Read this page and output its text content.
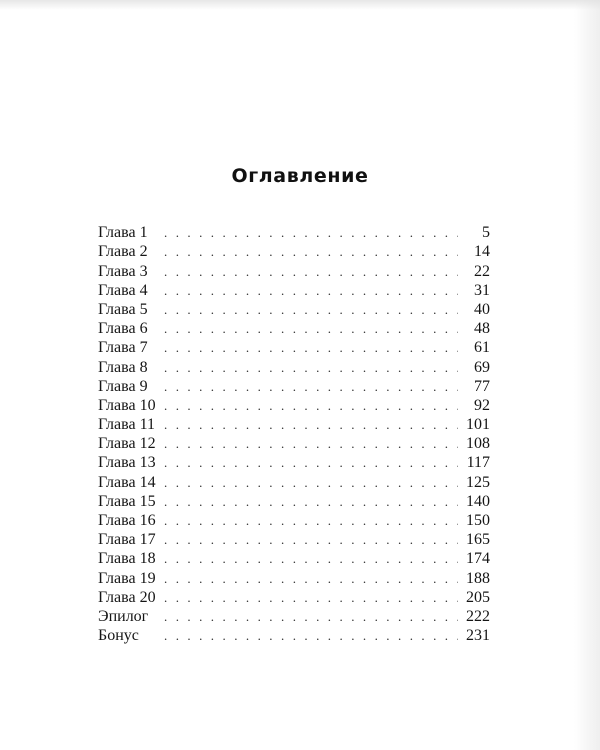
Оглавление
Глава 1 . . .	5
Глава 2 . . .	14
Глава 3 . . .	22
Глава 4 . . .	31
Глава 5 . . .	40
Глава 6 . . .	48
Глава 7 . . .	61
Глава 8 . . .	69
Глава 9 . . .	77
Глава 10 . . .	92
Глава 11 . . .	101
Глава 12 . . .	108
Глава 13 . . .	117
Глава 14 . . .	125
Глава 15 . . .	140
Глава 16 . . .	150
Глава 17 . . .	165
Глава 18 . . .	174
Глава 19 . . .	188
Глава 20 . . .	205
Эпилог . . .	222
Бонус . . .	231
